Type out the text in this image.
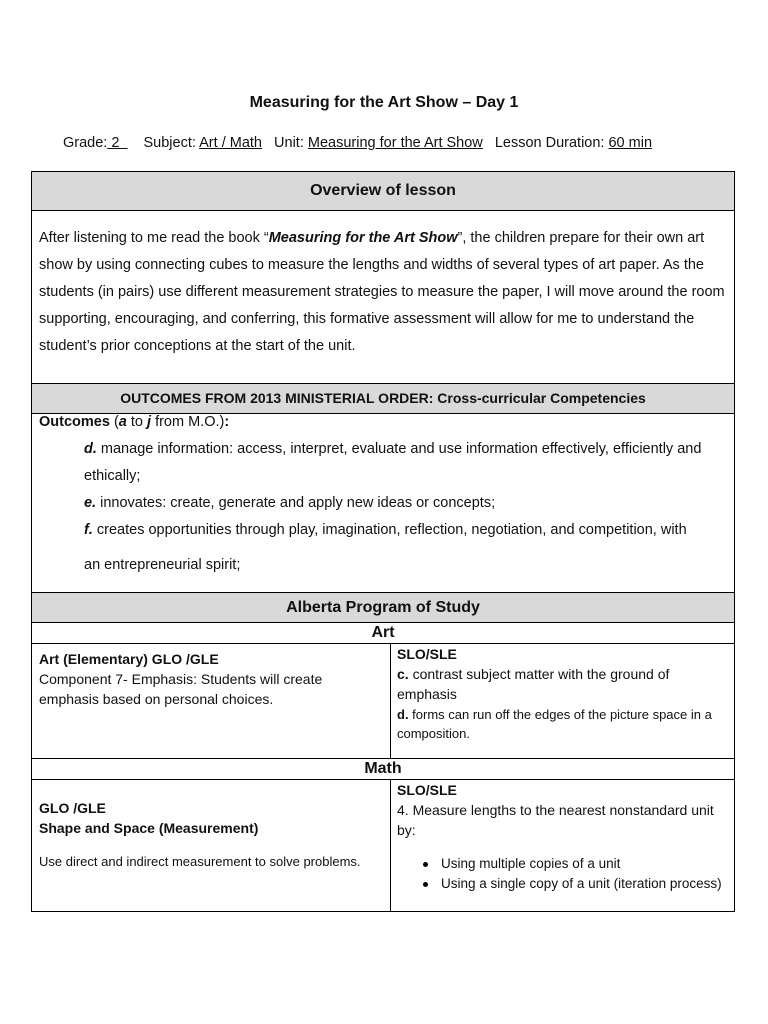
Measuring for the Art Show – Day 1
Grade: 2  Subject: Art / Math Unit: Measuring for the Art Show Lesson Duration: 60 min
Overview of lesson
After listening to me read the book “Measuring for the Art Show”, the children prepare for their own art show by using connecting cubes to measure the lengths and widths of several types of art paper. As the students (in pairs) use different measurement strategies to measure the paper, I will move around the room supporting, encouraging, and conferring, this formative assessment will allow for me to understand the student’s prior conceptions at the start of the unit.
OUTCOMES FROM 2013 MINISTERIAL ORDER: Cross-curricular Competencies
Outcomes (a to j from M.O.):
d. manage information: access, interpret, evaluate and use information effectively, efficiently and ethically;
e. innovates: create, generate and apply new ideas or concepts;
f. creates opportunities through play, imagination, reflection, negotiation, and competition, with
an entrepreneurial spirit;
Alberta Program of Study
Art
Art (Elementary) GLO /GLE
Component 7- Emphasis: Students will create emphasis based on personal choices.
SLO/SLE
c. contrast subject matter with the ground of emphasis

d. forms can run off the edges of the picture space in a composition.
Math
GLO /GLE
Shape and Space (Measurement)
Use direct and indirect measurement to solve problems.
SLO/SLE
4. Measure lengths to the nearest nonstandard unit by:
Using multiple copies of a unit
Using a single copy of a unit (iteration process)
